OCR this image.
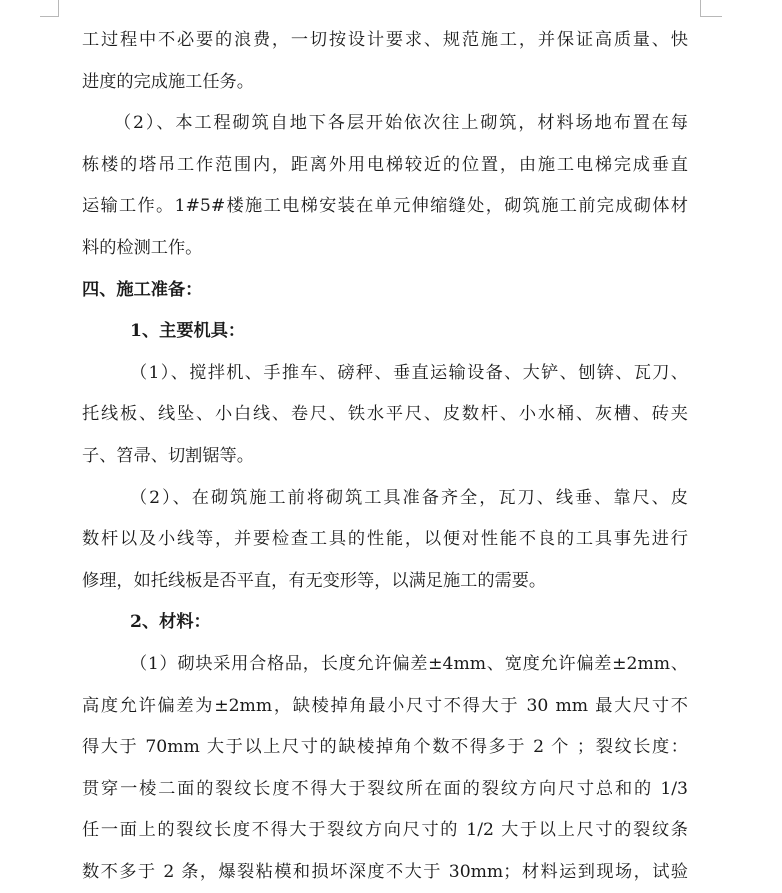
工过程中不必要的浪费，一切按设计要求、规范施工，并保证高质量、快
进度的完成施工任务。
（2）、本工程砌筑自地下各层开始依次往上砌筑，材料场地布置在每
栋楼的塔吊工作范围内，距离外用电梯较近的位置，由施工电梯完成垂直
运输工作。1#5#楼施工电梯安装在单元伸缩缝处，砌筑施工前完成砌体材
料的检测工作。
四、施工准备：
1、主要机具：
（1）、搅拌机、手推车、磅秤、垂直运输设备、大铲、刨锛、瓦刀、
托线板、线坠、小白线、卷尺、铁水平尺、皮数杆、小水桶、灰槽、砖夹
子、笤帚、切割锯等。
（2）、在砌筑施工前将砌筑工具准备齐全，瓦刀、线垂、靠尺、皮
数杆以及小线等，并要检查工具的性能，以便对性能不良的工具事先进行
修理，如托线板是否平直，有无变形等，以满足施工的需要。
2、材料：
（1）砌块采用合格品，长度允许偏差±4mm、宽度允许偏差±2mm、
高度允许偏差为±2mm，缺棱掉角最小尺寸不得大于 30 mm 最大尺寸不
得大于 70mm 大于以上尺寸的缺棱掉角个数不得多于 2 个 ；裂纹长度：
贯穿一棱二面的裂纹长度不得大于裂纹所在面的裂纹方向尺寸总和的 1/3
任一面上的裂纹长度不得大于裂纹方向尺寸的 1/2 大于以上尺寸的裂纹条
数不多于 2 条，爆裂粘模和损坏深度不大于 30mm；材料运到现场，试验
